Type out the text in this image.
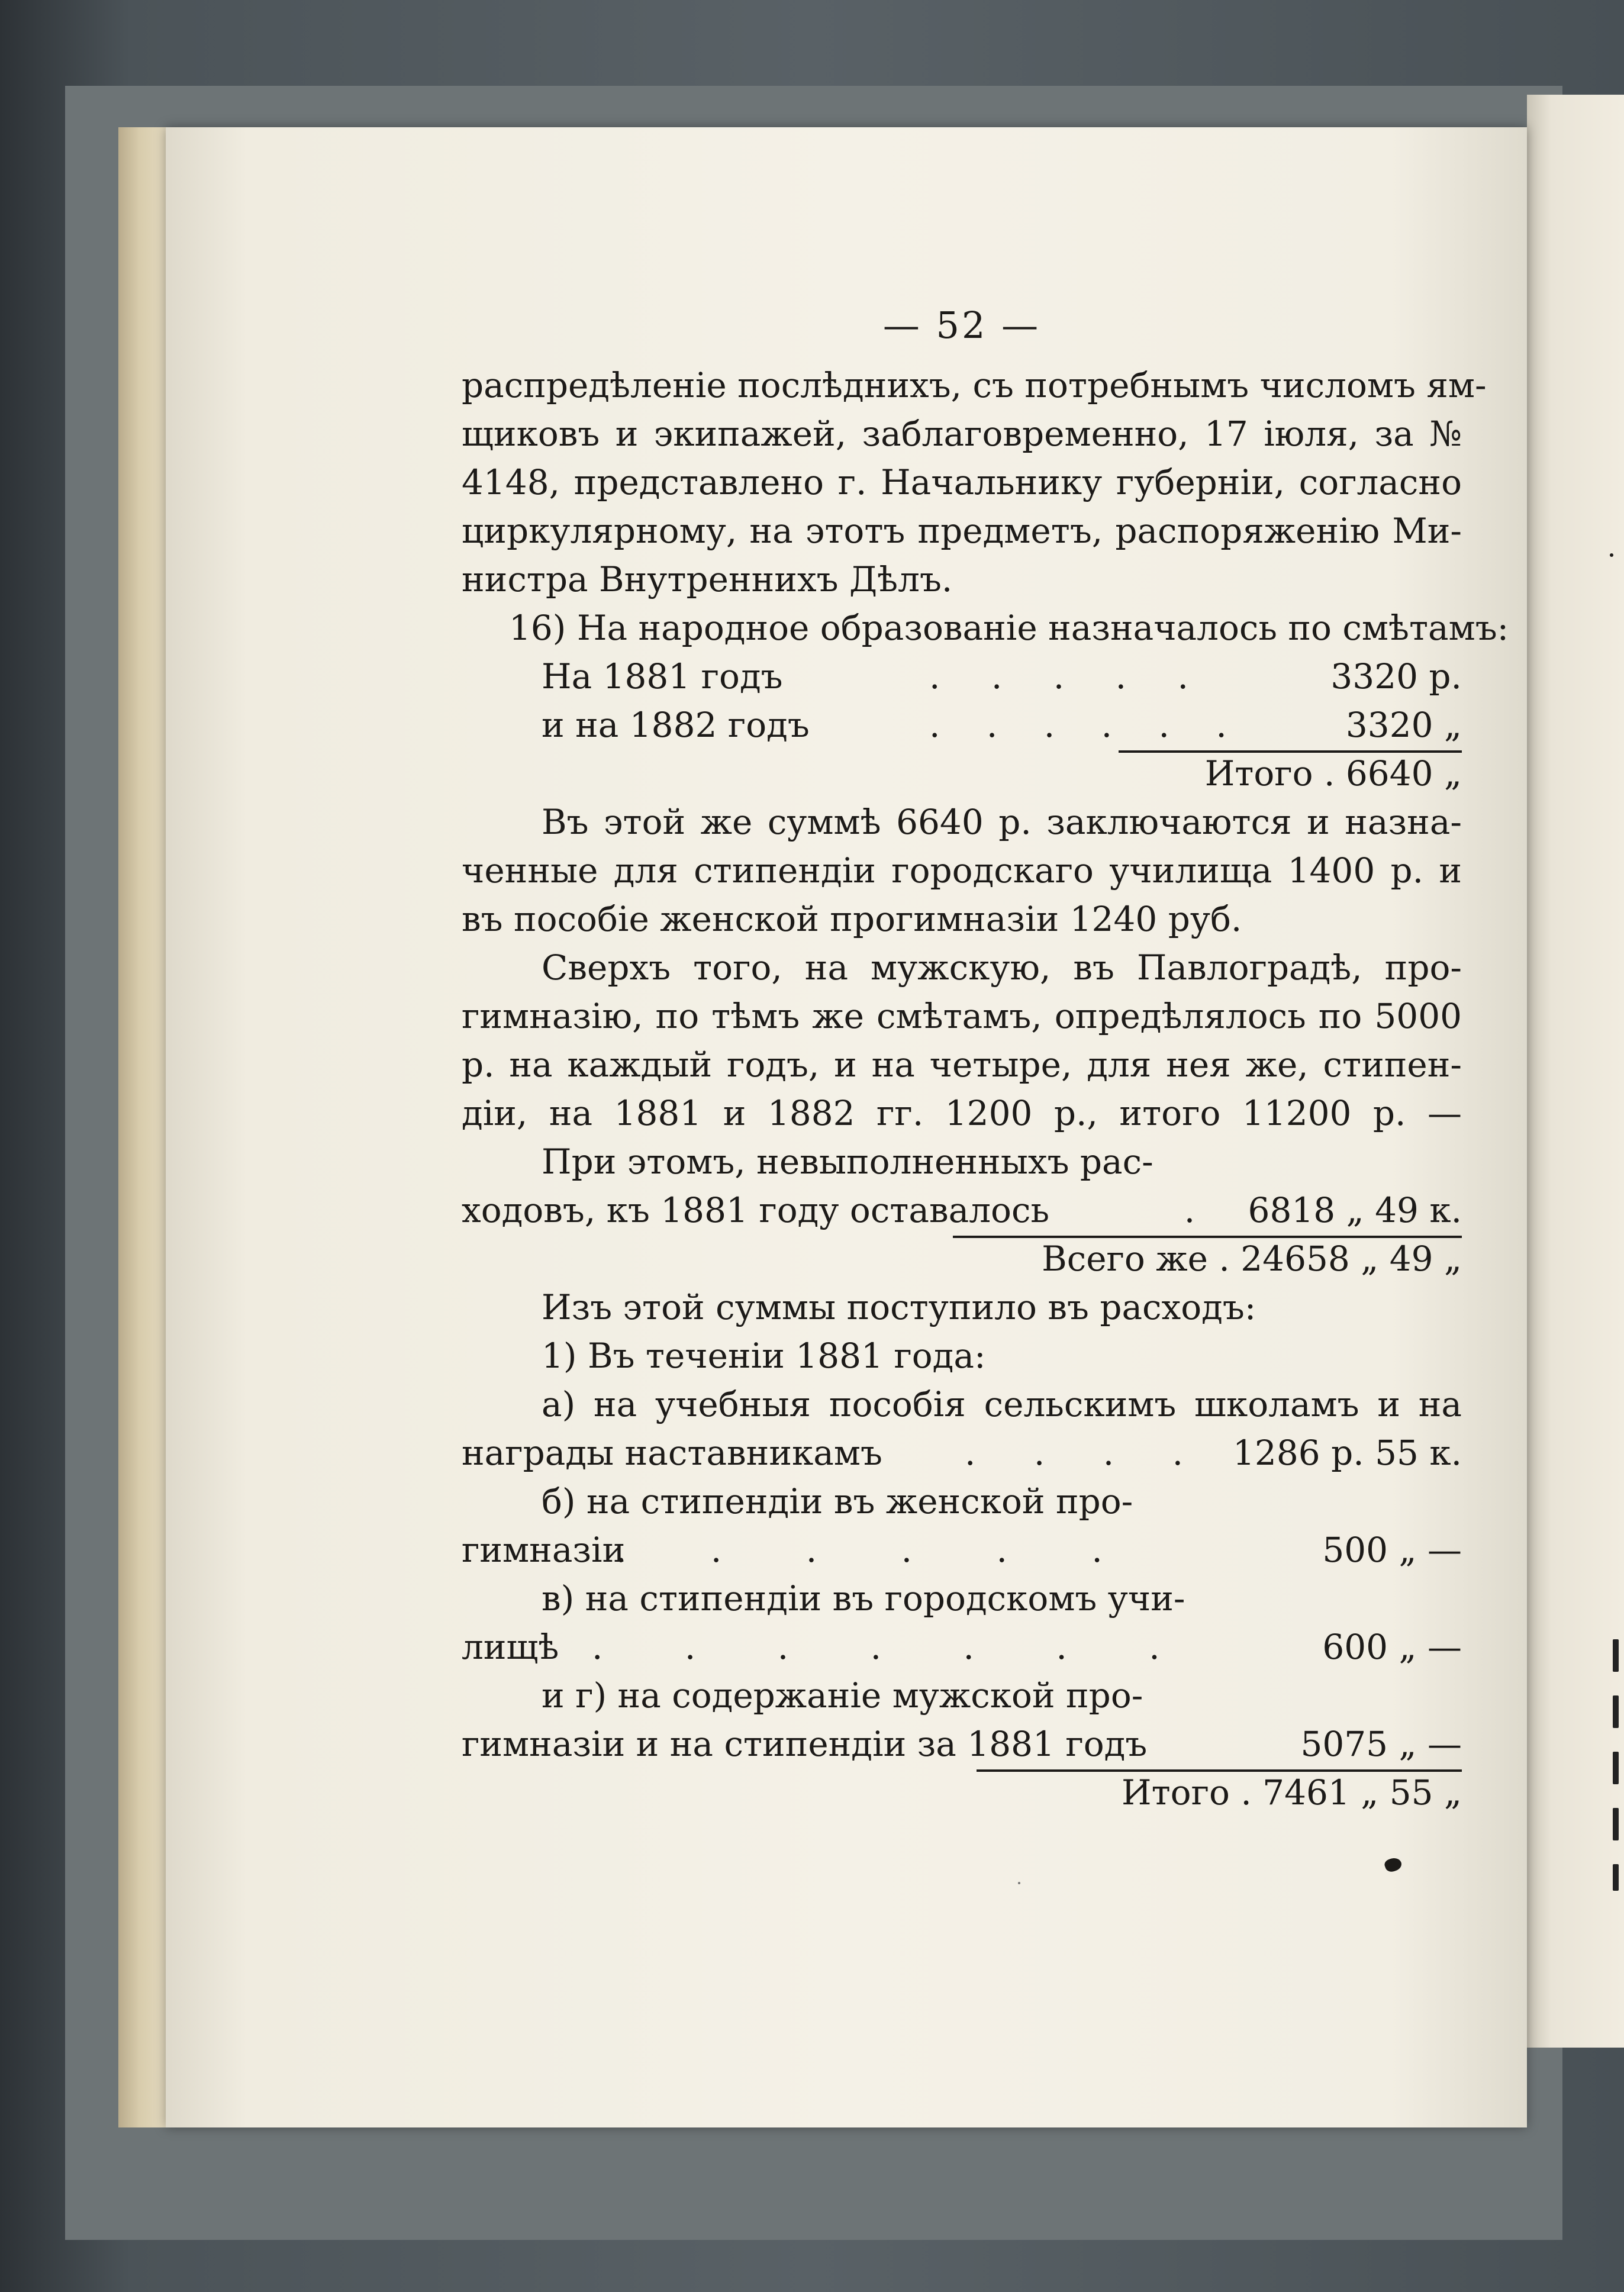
— 52 —
распредѣленіе послѣднихъ, съ потребнымъ числомъ ям-
щиковъ и экипажей, заблаговременно, 17 іюля, за №
4148, представлено г. Начальнику губерніи, согласно
циркулярному, на этотъ предметъ, распоряженію Ми-
нистра Внутреннихъ Дѣлъ.
16) На народное образованіе назначалось по смѣтамъ:
На 1881 годъ	. . . . .	3320 р.
и на 1882 годъ	. . . . . .	3320 „
Итого . 6640 „
Въ этой же суммѣ 6640 р. заключаются и назна-
ченные для стипендіи городскаго училища 1400 р. и
въ пособіе женской прогимназіи 1240 руб.
Сверхъ того, на мужскую, въ Павлоградѣ, про-
гимназію, по тѣмъ же смѣтамъ, опредѣлялось по 5000
р. на каждый годъ, и на четыре, для нея же, стипен-
діи, на 1881 и 1882 гг. 1200 р., итого 11200 р. —
При этомъ, невыполненныхъ рас-
ходовъ, къ 1881 году оставалось	.	6818 „ 49 к.
Всего же . 24658 „ 49 „
Изъ этой суммы поступило въ расходъ:
1) Въ теченіи 1881 года:
а) на учебныя пособія сельскимъ школамъ и на
награды наставникамъ	. . . . 1286 р. 55 к.
б) на стипендіи въ женской про-
гимназіи
. . . . . .	500 „ —
в) на стипендіи въ городскомъ учи-
лищѣ . . . . . . .	600 „ —
и г) на содержаніе мужской про-
гимназіи и на стипендіи за 1881 годъ	5075 „ —
Итого . 7461 „ 55 „
